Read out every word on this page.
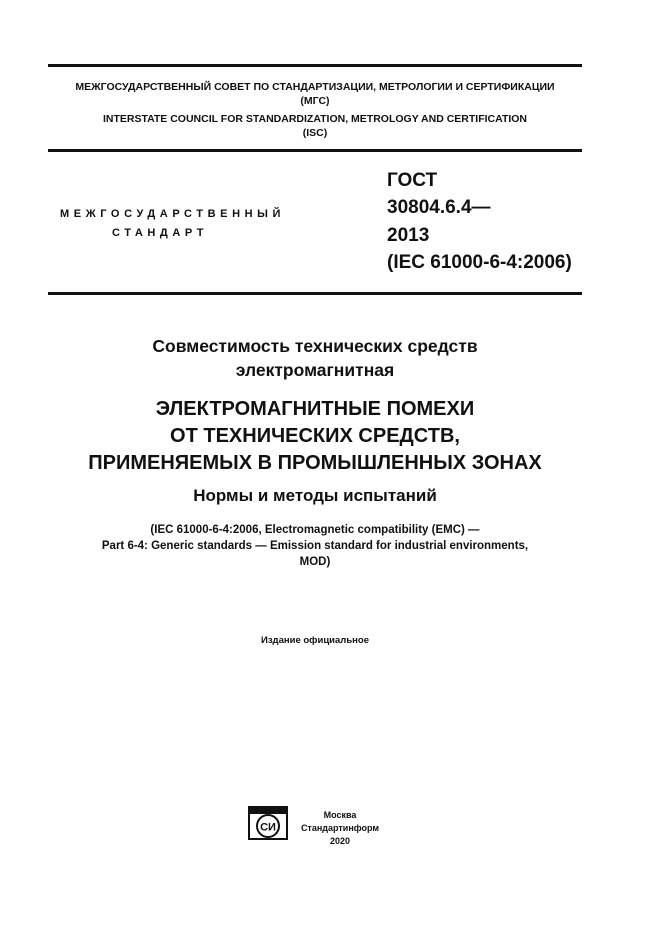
МЕЖГОСУДАРСТВЕННЫЙ СОВЕТ ПО СТАНДАРТИЗАЦИИ, МЕТРОЛОГИИ И СЕРТИФИКАЦИИ
(МГС)
INTERSTATE COUNCIL FOR STANDARDIZATION, METROLOGY AND CERTIFICATION
(ISC)
МЕЖГОСУДАРСТВЕННЫЙ
СТАНДАРТ
ГОСТ
30804.6.4—
2013
(IEC 61000-6-4:2006)
Совместимость технических средств
электромагнитная
ЭЛЕКТРОМАГНИТНЫЕ ПОМЕХИ
ОТ ТЕХНИЧЕСКИХ СРЕДСТВ,
ПРИМЕНЯЕМЫХ В ПРОМЫШЛЕННЫХ ЗОНАХ
Нормы и методы испытаний
(IEC 61000-6-4:2006, Electromagnetic compatibility (EMC) —
Part 6-4: Generic standards — Emission standard for industrial environments,
MOD)
Издание официальное
СИ
Москва
Стандартинформ
2020
